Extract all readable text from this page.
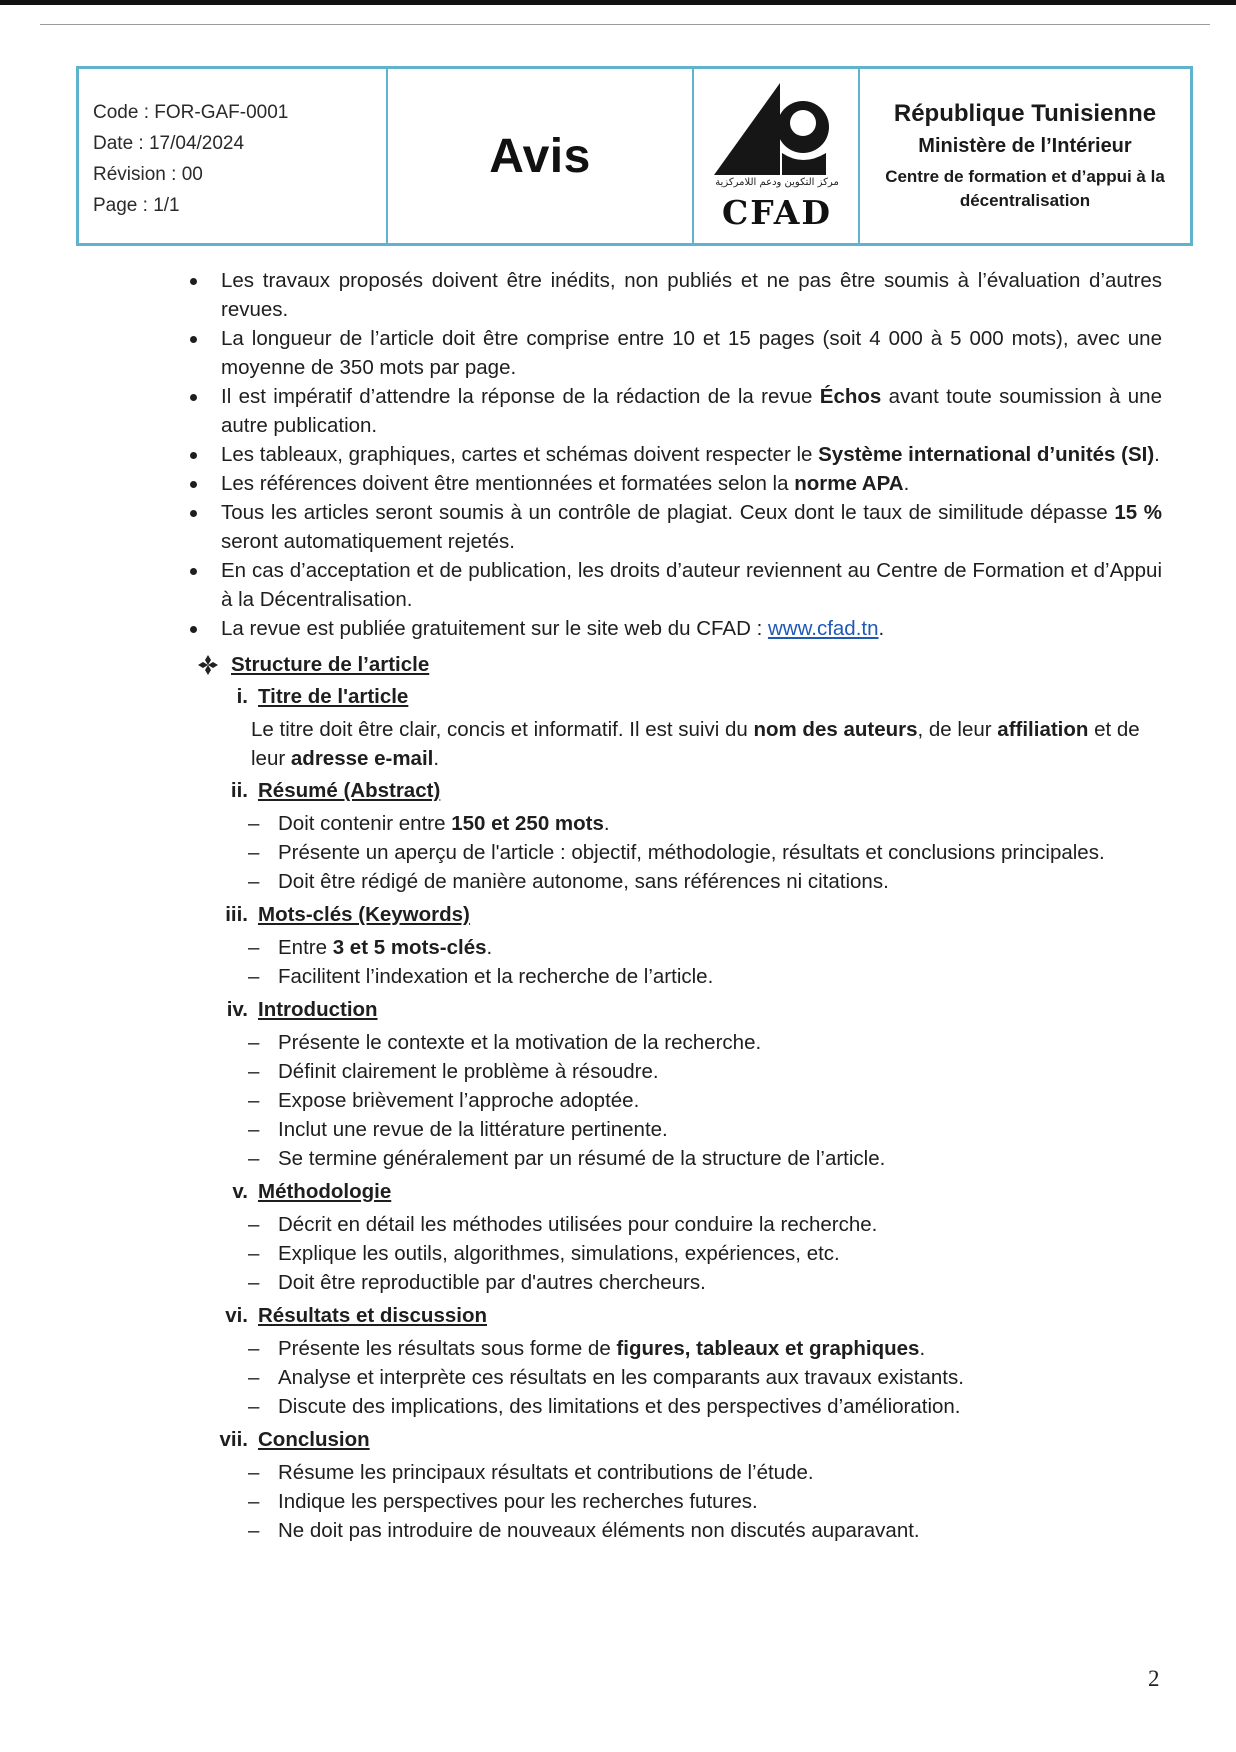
Code : FOR-GAF-0001
Date : 17/04/2024
Révision : 00
Page : 1/1
Avis	مركز التكوين ودعم اللامركزية
CFAD
République Tunisienne
Ministère de l’Intérieur
Centre de formation et d’appui à la décentralisation

Les travaux proposés doivent être inédits, non publiés et ne pas être soumis à l’évaluation d’autres revues.

La longueur de l’article doit être comprise entre 10 et 15 pages (soit 4 000 à 5 000 mots), avec une moyenne de 350 mots par page.

Il est impératif d’attendre la réponse de la rédaction de la revue Échos avant toute soumission à une autre publication.

Les tableaux, graphiques, cartes et schémas doivent respecter le Système international d’unités (SI).

Les références doivent être mentionnées et formatées selon la norme APA.

Tous les articles seront soumis à un contrôle de plagiat. Ceux dont le taux de similitude dépasse 15 % seront automatiquement rejetés.

En cas d’acceptation et de publication, les droits d’auteur reviennent au Centre de Formation et d’Appui à la Décentralisation.

La revue est publiée gratuitement sur le site web du CFAD : www.cfad.tn.

Structure de l’article
i. Titre de l'article
Le titre doit être clair, concis et informatif. Il est suivi du nom des auteurs, de leur affiliation et de leur adresse e-mail.
ii. Résumé (Abstract)
– Doit contenir entre 150 et 250 mots.
– Présente un aperçu de l'article : objectif, méthodologie, résultats et conclusions principales.
– Doit être rédigé de manière autonome, sans références ni citations.
iii. Mots-clés (Keywords)
– Entre 3 et 5 mots-clés.
– Facilitent l’indexation et la recherche de l’article.
iv. Introduction
– Présente le contexte et la motivation de la recherche.
– Définit clairement le problème à résoudre.
– Expose brièvement l’approche adoptée.
– Inclut une revue de la littérature pertinente.
– Se termine généralement par un résumé de la structure de l’article.
v. Méthodologie
– Décrit en détail les méthodes utilisées pour conduire la recherche.
– Explique les outils, algorithmes, simulations, expériences, etc.
– Doit être reproductible par d'autres chercheurs.
vi. Résultats et discussion
– Présente les résultats sous forme de figures, tableaux et graphiques.
– Analyse et interprète ces résultats en les comparants aux travaux existants.
– Discute des implications, des limitations et des perspectives d’amélioration.
vii. Conclusion
– Résume les principaux résultats et contributions de l’étude.
– Indique les perspectives pour les recherches futures.
– Ne doit pas introduire de nouveaux éléments non discutés auparavant.
2
